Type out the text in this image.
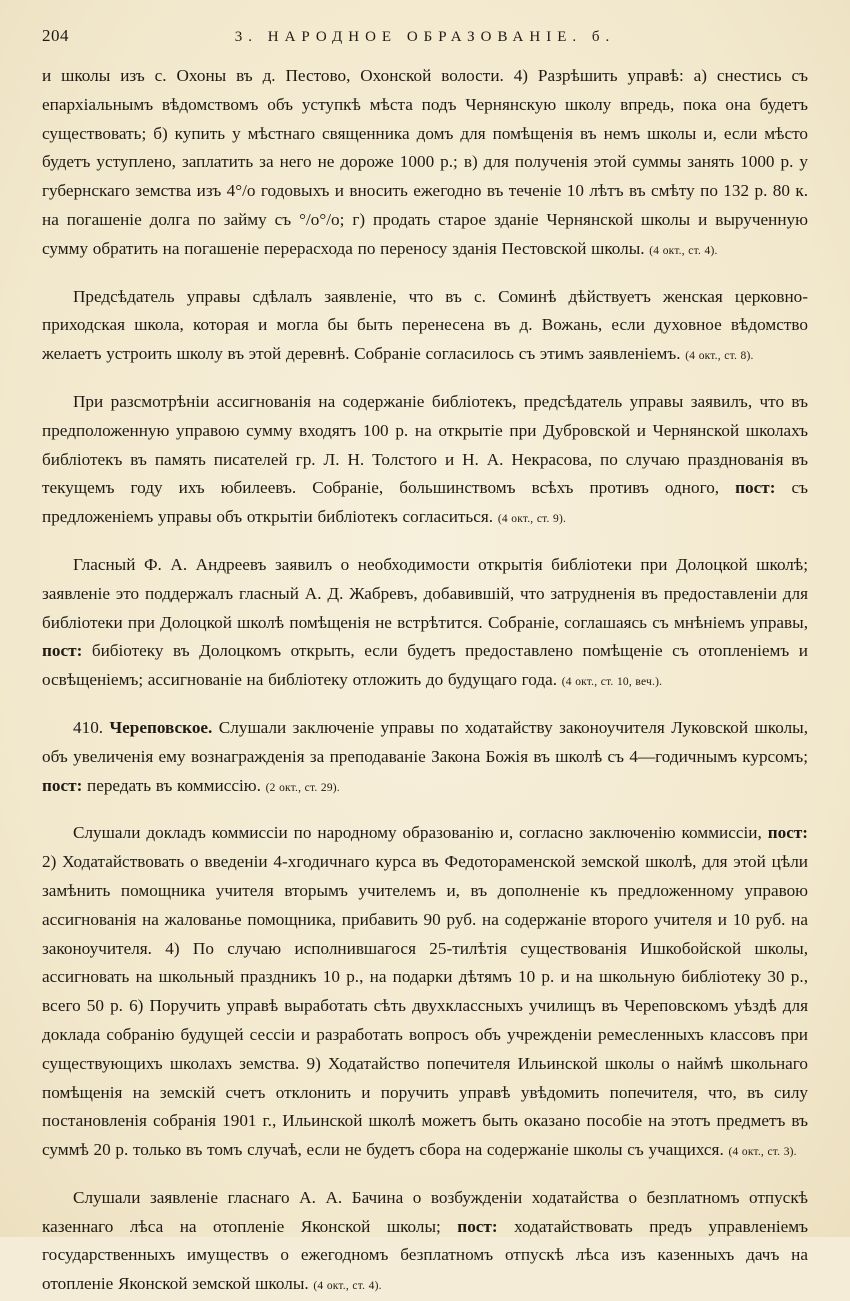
204	3. НАРОДНОЕ ОБРАЗОВАНІЕ. б.

и школы изъ с. Охоны въ д. Пестово, Охонской волости. 4) Разрѣшить управѣ: а) снестись съ епархіальнымъ вѣдомствомъ объ уступкѣ мѣста подъ Чернянскую школу впредь, пока она будетъ существовать; б) купить у мѣстнаго священника домъ для помѣщенія въ немъ школы и, если мѣсто будетъ уступлено, заплатить за него не дороже 1000 р.; в) для полученія этой суммы занять 1000 р. у губернскаго земства изъ 4°/o годовыхъ и вносить ежегодно въ теченіе 10 лѣтъ въ смѣту по 132 р. 80 к. на погашеніе долга по займу съ °/o°/o; г) продать старое зданіе Чернянской школы и вырученную сумму обратить на погашеніе перерасхода по переносу зданія Пестовской школы. (4 окт., ст. 4).

Предсѣдатель управы сдѣлалъ заявленіе, что въ с. Соминѣ дѣйствуетъ женская церковно-приходская школа, которая и могла бы быть перенесена въ д. Вожань, если духовное вѣдомство желаетъ устроить школу въ этой деревнѣ. Собраніе согласилось съ этимъ заявленіемъ. (4 окт., ст. 8).

При разсмотрѣніи ассигнованія на содержаніе библіотекъ, предсѣдатель управы заявилъ, что въ предположенную управою сумму входятъ 100 р. на открытіе при Дубровской и Чернянской школахъ библіотекъ въ память писателей гр. Л. Н. Толстого и Н. А. Некрасова, по случаю празднованія въ текущемъ году ихъ юбилеевъ. Собраніе, большинствомъ всѣхъ противъ одного, пост: съ предложеніемъ управы объ открытіи библіотекъ согласиться. (4 окт., ст. 9).

Гласный Ф. А. Андреевъ заявилъ о необходимости открытія библіотеки при Долоцкой школѣ; заявленіе это поддержалъ гласный А. Д. Жабревъ, добавившій, что затрудненія въ предоставленіи для библіотеки при Долоцкой школѣ помѣщенія не встрѣтится. Собраніе, соглашаясь съ мнѣніемъ управы, пост: бибіотеку въ Долоцкомъ открыть, если будетъ предоставлено помѣщеніе съ отопленіемъ и освѣщеніемъ; ассигнованіе на библіотеку отложить до будущаго года. (4 окт., ст. 10, веч.).

410. Череповское. Слушали заключеніе управы по ходатайству законоучителя Луковской школы, объ увеличенія ему вознагражденія за преподаваніе Закона Божія въ школѣ съ 4—годичнымъ курсомъ; пост: передать въ коммиссію. (2 окт., ст. 29).

Слушали докладъ коммиссіи по народному образованію и, согласно заключенію коммиссіи, пост: 2) Ходатайствовать о введеніи 4-хгодичнаго курса въ Федотораменской земской школѣ, для этой цѣли замѣнить помощника учителя вторымъ учителемъ и, въ дополненіе къ предложенному управою ассигнованія на жалованье помощника, прибавить 90 руб. на содержаніе второго учителя и 10 руб. на законоучителя. 4) По случаю исполнившагося 25-тилѣтія существованія Ишкобойской школы, ассигновать на школьный праздникъ 10 р., на подарки дѣтямъ 10 р. и на школьную библіотеку 30 р., всего 50 р. 6) Поручить управѣ выработать сѣть двухклассныхъ училищъ въ Череповскомъ уѣздѣ для доклада собранію будущей сессіи и разработать вопросъ объ учрежденіи ремесленныхъ классовъ при существующихъ школахъ земства. 9) Ходатайство попечителя Ильинской школы о наймѣ школьнаго помѣщенія на земскій счетъ отклонить и поручить управѣ увѣдомить попечителя, что, въ силу постановленія собранія 1901 г., Ильинской школѣ можетъ быть оказано пособіе на этотъ предметъ въ суммѣ 20 р. только въ томъ случаѣ, если не будетъ сбора на содержаніе школы съ учащихся. (4 окт., ст. 3).

Слушали заявленіе гласнаго А. А. Бачина о возбужденіи ходатайства о безплатномъ отпускѣ казеннаго лѣса на отопленіе Яконской школы; пост: ходатайствовать предъ управленіемъ государственныхъ имуществъ о ежегодномъ безплатномъ отпускѣ лѣса изъ казенныхъ дачъ на отопленіе Яконской земской школы. (4 окт., ст. 4).
